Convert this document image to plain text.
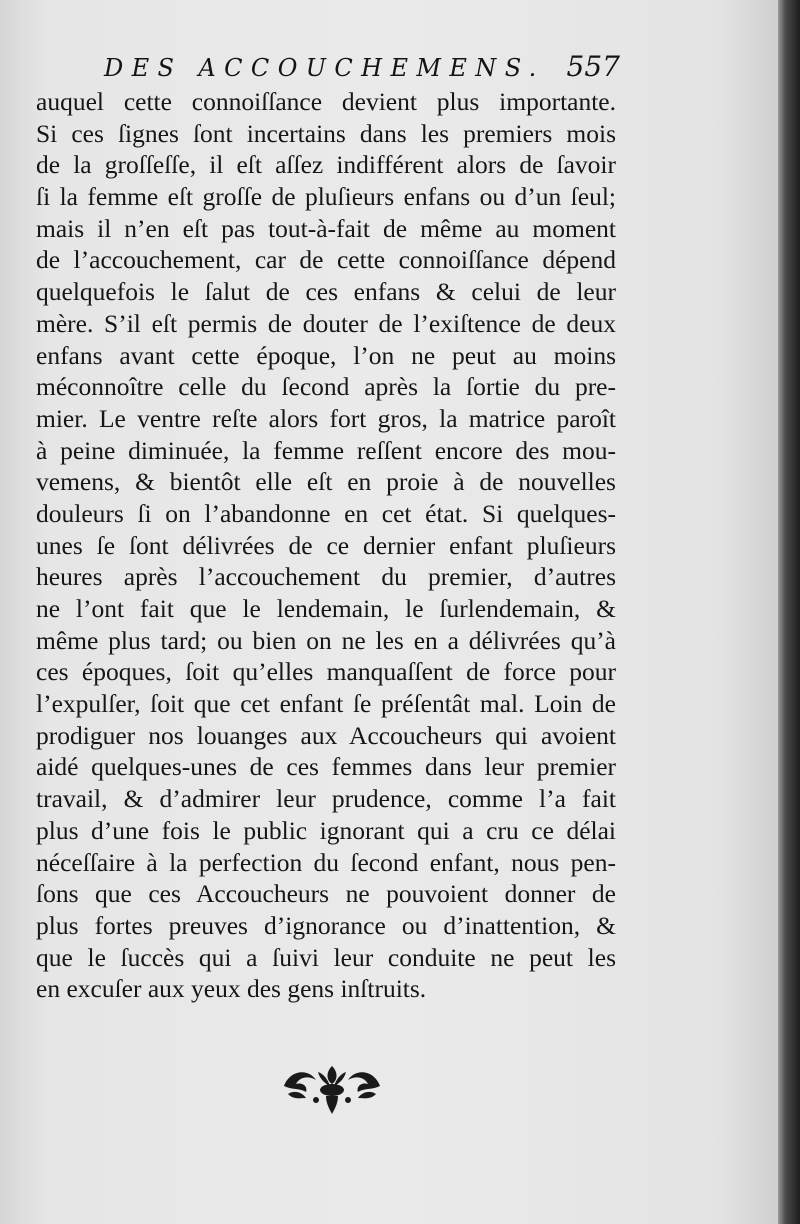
DES ACCOUCHEMENS. 557
auquel cette connoiſſance devient plus importante.
Si ces ſignes ſont incertains dans les premiers mois
de la groſſeſſe, il eſt aſſez indifférent alors de ſavoir
ſi la femme eſt groſſe de pluſieurs enfans ou d’un ſeul;
mais il n’en eſt pas tout-à-fait de même au moment
de l’accouchement, car de cette connoiſſance dépend
quelquefois le ſalut de ces enfans & celui de leur
mère. S’il eſt permis de douter de l’exiſtence de deux
enfans avant cette époque, l’on ne peut au moins
méconnoître celle du ſecond après la ſortie du pre-
mier. Le ventre reſte alors fort gros, la matrice paroît
à peine diminuée, la femme reſſent encore des mou-
vemens, & bientôt elle eſt en proie à de nouvelles
douleurs ſi on l’abandonne en cet état. Si quelques-
unes ſe ſont délivrées de ce dernier enfant pluſieurs
heures après l’accouchement du premier, d’autres
ne l’ont fait que le lendemain, le ſurlendemain, &
même plus tard; ou bien on ne les en a délivrées qu’à
ces époques, ſoit qu’elles manquaſſent de force pour
l’expulſer, ſoit que cet enfant ſe préſentât mal. Loin de
prodiguer nos louanges aux Accoucheurs qui avoient
aidé quelques-unes de ces femmes dans leur premier
travail, & d’admirer leur prudence, comme l’a fait
plus d’une fois le public ignorant qui a cru ce délai
néceſſaire à la perfection du ſecond enfant, nous pen-
ſons que ces Accoucheurs ne pouvoient donner de
plus fortes preuves d’ignorance ou d’inattention, &
que le ſuccès qui a ſuivi leur conduite ne peut les
en excuſer aux yeux des gens inſtruits.
